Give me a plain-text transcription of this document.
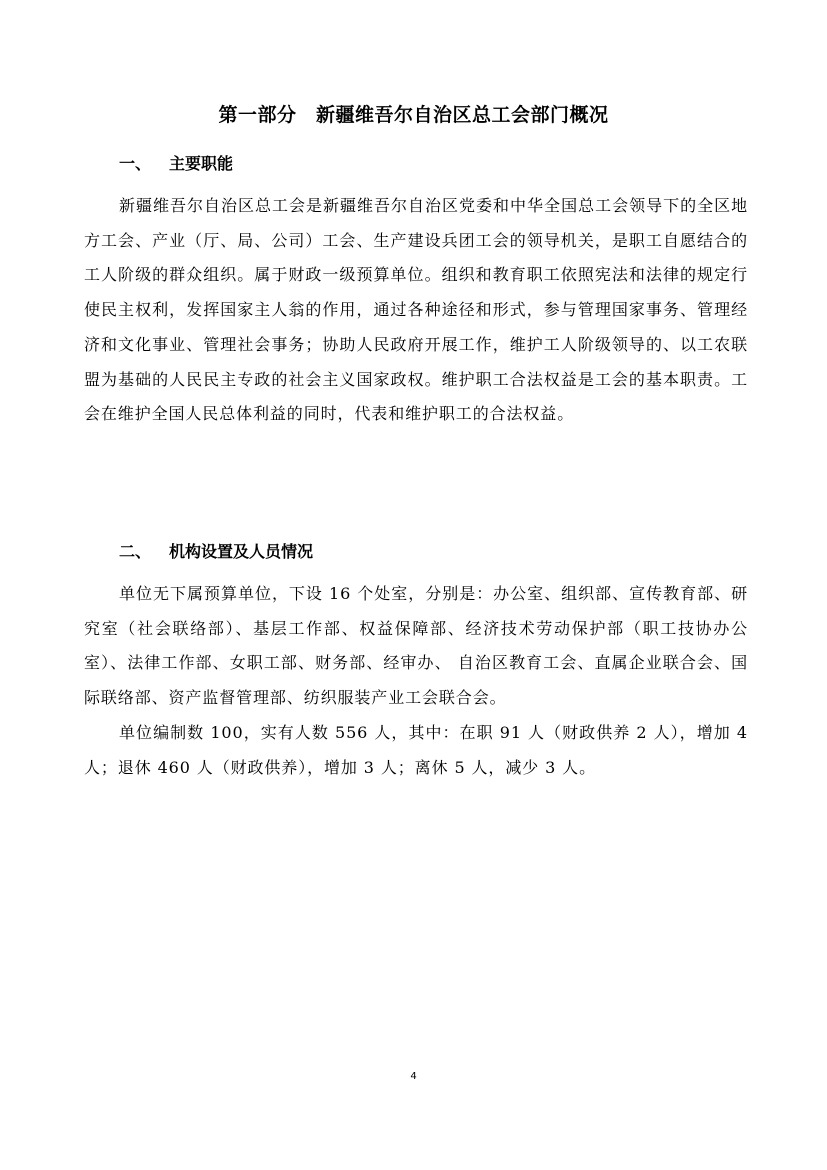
第一部分　新疆维吾尔自治区总工会部门概况
一、 主要职能

新疆维吾尔自治区总工会是新疆维吾尔自治区党委和中华全国总工会领导下的全区地方工会、产业（厅、局、公司）工会、生产建设兵团工会的领导机关，是职工自愿结合的工人阶级的群众组织。属于财政一级预算单位。组织和教育职工依照宪法和法律的规定行使民主权利，发挥国家主人翁的作用，通过各种途径和形式，参与管理国家事务、管理经济和文化事业、管理社会事务；协助人民政府开展工作，维护工人阶级领导的、以工农联盟为基础的人民民主专政的社会主义国家政权。维护职工合法权益是工会的基本职责。工会在维护全国人民总体利益的同时，代表和维护职工的合法权益。

二、 机构设置及人员情况

单位无下属预算单位，下设 16 个处室，分别是：办公室、组织部、宣传教育部、研究室（社会联络部）、基层工作部、权益保障部、经济技术劳动保护部（职工技协办公室）、法律工作部、女职工部、财务部、经审办、 自治区教育工会、直属企业联合会、国际联络部、资产监督管理部、纺织服装产业工会联合会。

单位编制数 100，实有人数 556 人，其中：在职 91 人（财政供养 2 人），增加 4 人；退休 460 人（财政供养），增加 3 人；离休 5 人，减少 3 人。

4
